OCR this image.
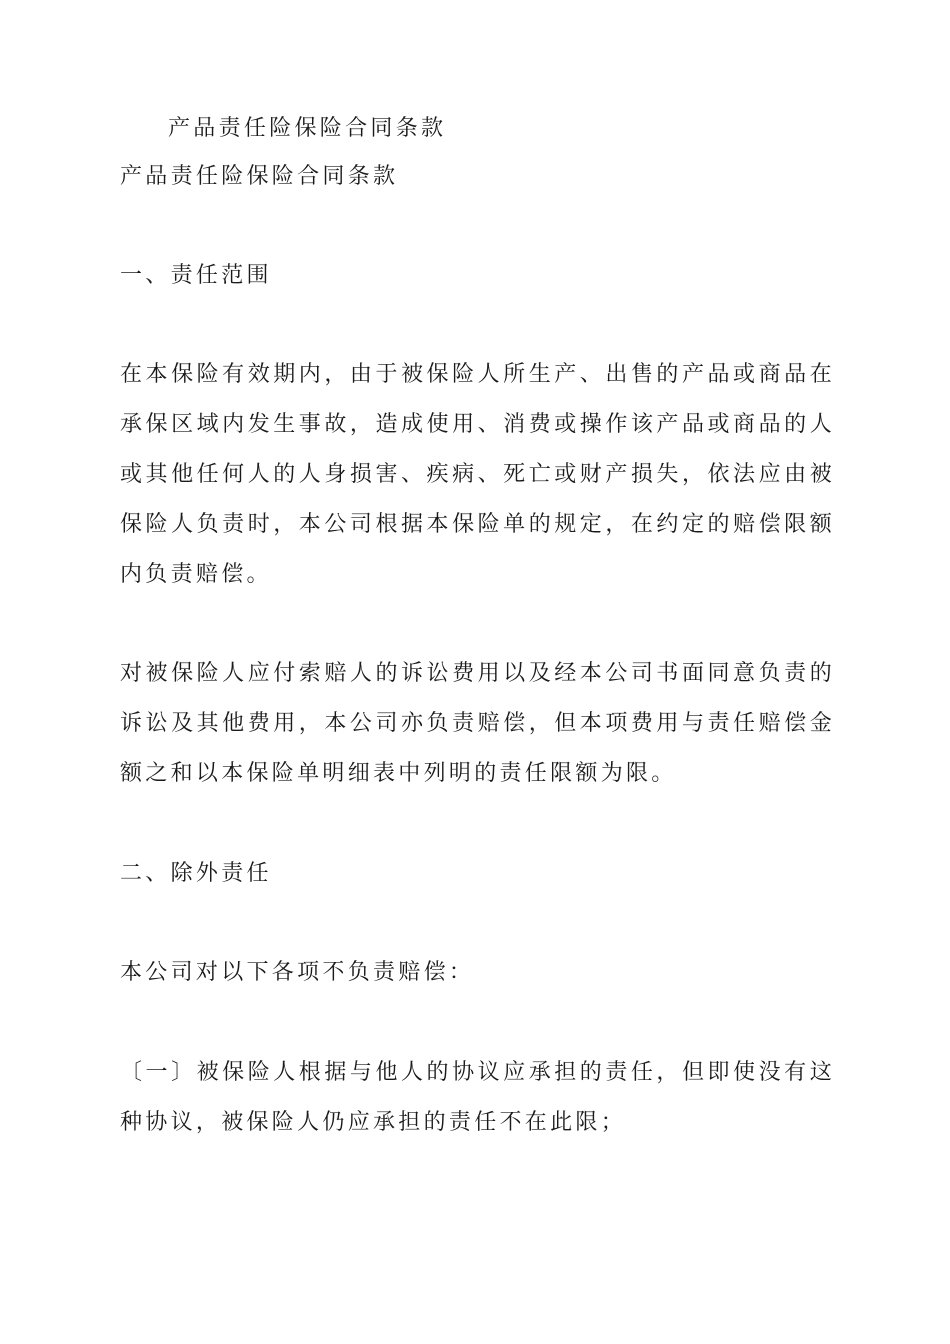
产品责任险保险合同条款

产品责任险保险合同条款

一、责任范围

在本保险有效期内，由于被保险人所生产、出售的产品或商品在承保区域内发生事故，造成使用、消费或操作该产品或商品的人或其他任何人的人身损害、疾病、死亡或财产损失，依法应由被保险人负责时，本公司根据本保险单的规定，在约定的赔偿限额内负责赔偿。

对被保险人应付索赔人的诉讼费用以及经本公司书面同意负责的诉讼及其他费用，本公司亦负责赔偿，但本项费用与责任赔偿金额之和以本保险单明细表中列明的责任限额为限。

二、除外责任

本公司对以下各项不负责赔偿：

〔一〕被保险人根据与他人的协议应承担的责任，但即使没有这种协议，被保险人仍应承担的责任不在此限；
